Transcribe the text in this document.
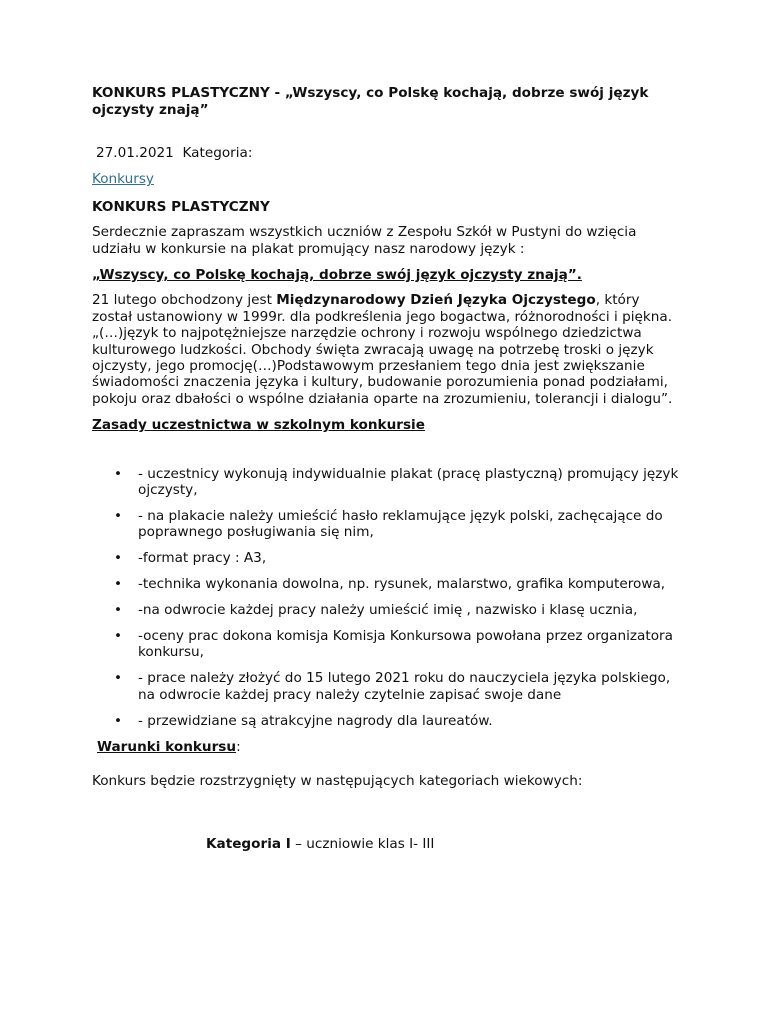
KONKURS PLASTYCZNY - „Wszyscy, co Polskę kochają, dobrze swój język ojczysty znają”

27.01.2021 Kategoria:

Konkursy

KONKURS PLASTYCZNY

Serdecznie zapraszam wszystkich uczniów z Zespołu Szkół w Pustyni do wzięcia udziału w konkursie na plakat promujący nasz narodowy język :

„Wszyscy, co Polskę kochają, dobrze swój język ojczysty znają”.

21 lutego obchodzony jest Międzynarodowy Dzień Języka Ojczystego, który został ustanowiony w 1999r. dla podkreślenia jego bogactwa, różnorodności i piękna. „(…)język to najpotężniejsze narzędzie ochrony i rozwoju wspólnego dziedzictwa kulturowego ludzkości. Obchody święta zwracają uwagę na potrzebę troski o język ojczysty, jego promocję(…)Podstawowym przesłaniem tego dnia jest zwiększanie świadomości znaczenia języka i kultury, budowanie porozumienia ponad podziałami, pokoju oraz dbałości o wspólne działania oparte na zrozumieniu, tolerancji i dialogu”.

Zasady uczestnictwa w szkolnym konkursie

• - uczestnicy wykonują indywidualnie plakat (pracę plastyczną) promujący język ojczysty,
• - na plakacie należy umieścić hasło reklamujące język polski, zachęcające do poprawnego posługiwania się nim,
• -format pracy : A3,
• -technika wykonania dowolna, np. rysunek, malarstwo, grafika komputerowa,
• -na odwrocie każdej pracy należy umieścić imię , nazwisko i klasę ucznia,
• -oceny prac dokona komisja Komisja Konkursowa powołana przez organizatora konkursu,
• - prace należy złożyć do 15 lutego 2021 roku do nauczyciela języka polskiego, na odwrocie każdej pracy należy czytelnie zapisać swoje dane
• - przewidziane są atrakcyjne nagrody dla laureatów.

Warunki konkursu:

Konkurs będzie rozstrzygnięty w następujących kategoriach wiekowych:

Kategoria I – uczniowie klas I- III
